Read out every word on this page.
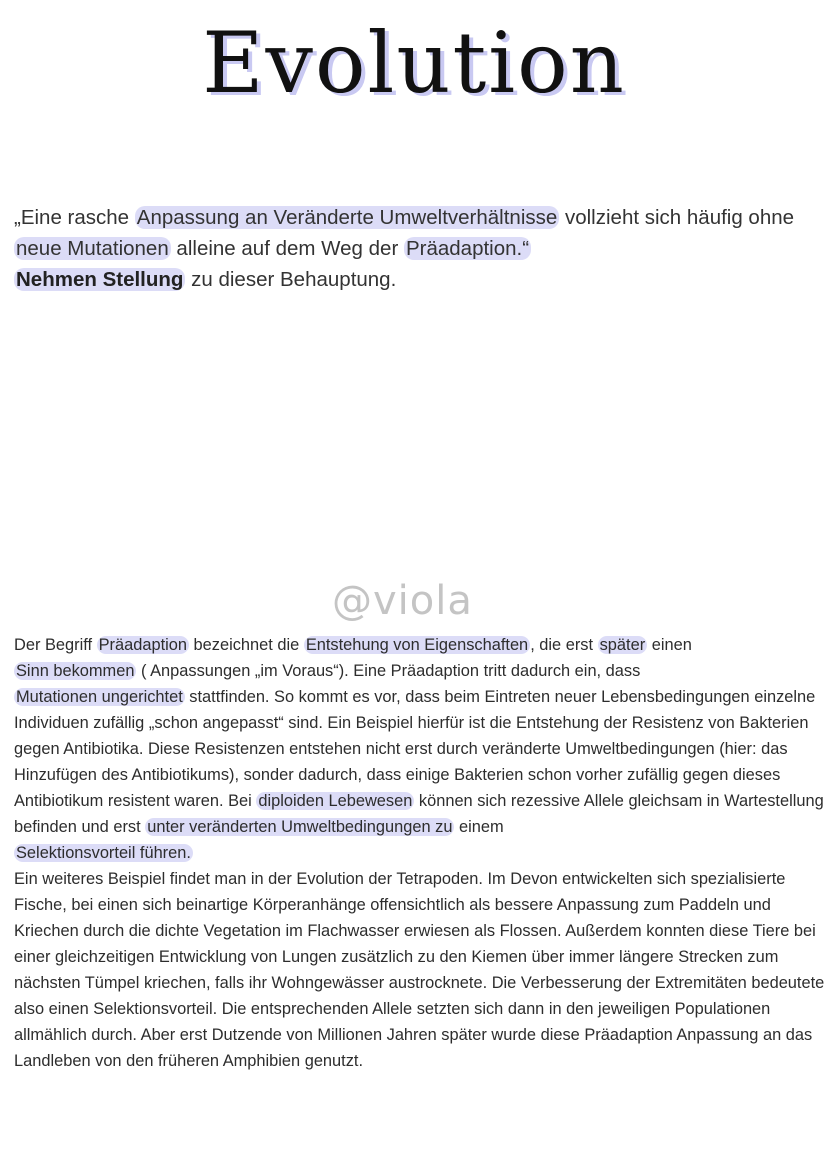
Evolution

„Eine rasche Anpassung an Veränderte Umweltverhältnisse vollzieht sich häufig ohne neue Mutationen alleine auf dem Weg der Präadaption.“
Nehmen Stellung zu dieser Behauptung.

@viola

Der Begriff Präadaption bezeichnet die Entstehung von Eigenschaften , die erst später einen
Sinn bekommen ( Anpassungen „im Voraus“). Eine Präadaption tritt dadurch ein, dass
Mutationen ungerichtet stattfinden. So kommt es vor, dass beim Eintreten neuer Lebensbedingungen einzelne Individuen zufällig „schon angepasst“ sind. Ein Beispiel hierfür ist die Entstehung der Resistenz von Bakterien gegen Antibiotika. Diese Resistenzen entstehen nicht erst durch veränderte Umweltbedingungen (hier: das Hinzufügen des Antibiotikums), sonder dadurch, dass einige Bakterien schon vorher zufällig gegen dieses Antibiotikum resistent waren. Bei diploiden Lebewesen können sich rezessive Allele gleichsam in Wartestellung befinden und erst unter veränderten Umweltbedingungen zu einem
Selektionsvorteil führen.

Ein weiteres Beispiel findet man in der Evolution der Tetrapoden. Im Devon entwickelten sich spezialisierte Fische, bei einen sich beinartige Körperanhänge offensichtlich als bessere Anpassung zum Paddeln und Kriechen durch die dichte Vegetation im Flachwasser erwiesen als Flossen. Außerdem konnten diese Tiere bei einer gleichzeitigen Entwicklung von Lungen zusätzlich zu den Kiemen über immer längere Strecken zum nächsten Tümpel kriechen, falls ihr Wohngewässer austrocknete. Die Verbesserung der Extremitäten bedeutete also einen Selektionsvorteil. Die entsprechenden Allele setzten sich dann in den jeweiligen Populationen allmählich durch. Aber erst Dutzende von Millionen Jahren später wurde diese Präadaption Anpassung an das Landleben von den früheren Amphibien genutzt.
